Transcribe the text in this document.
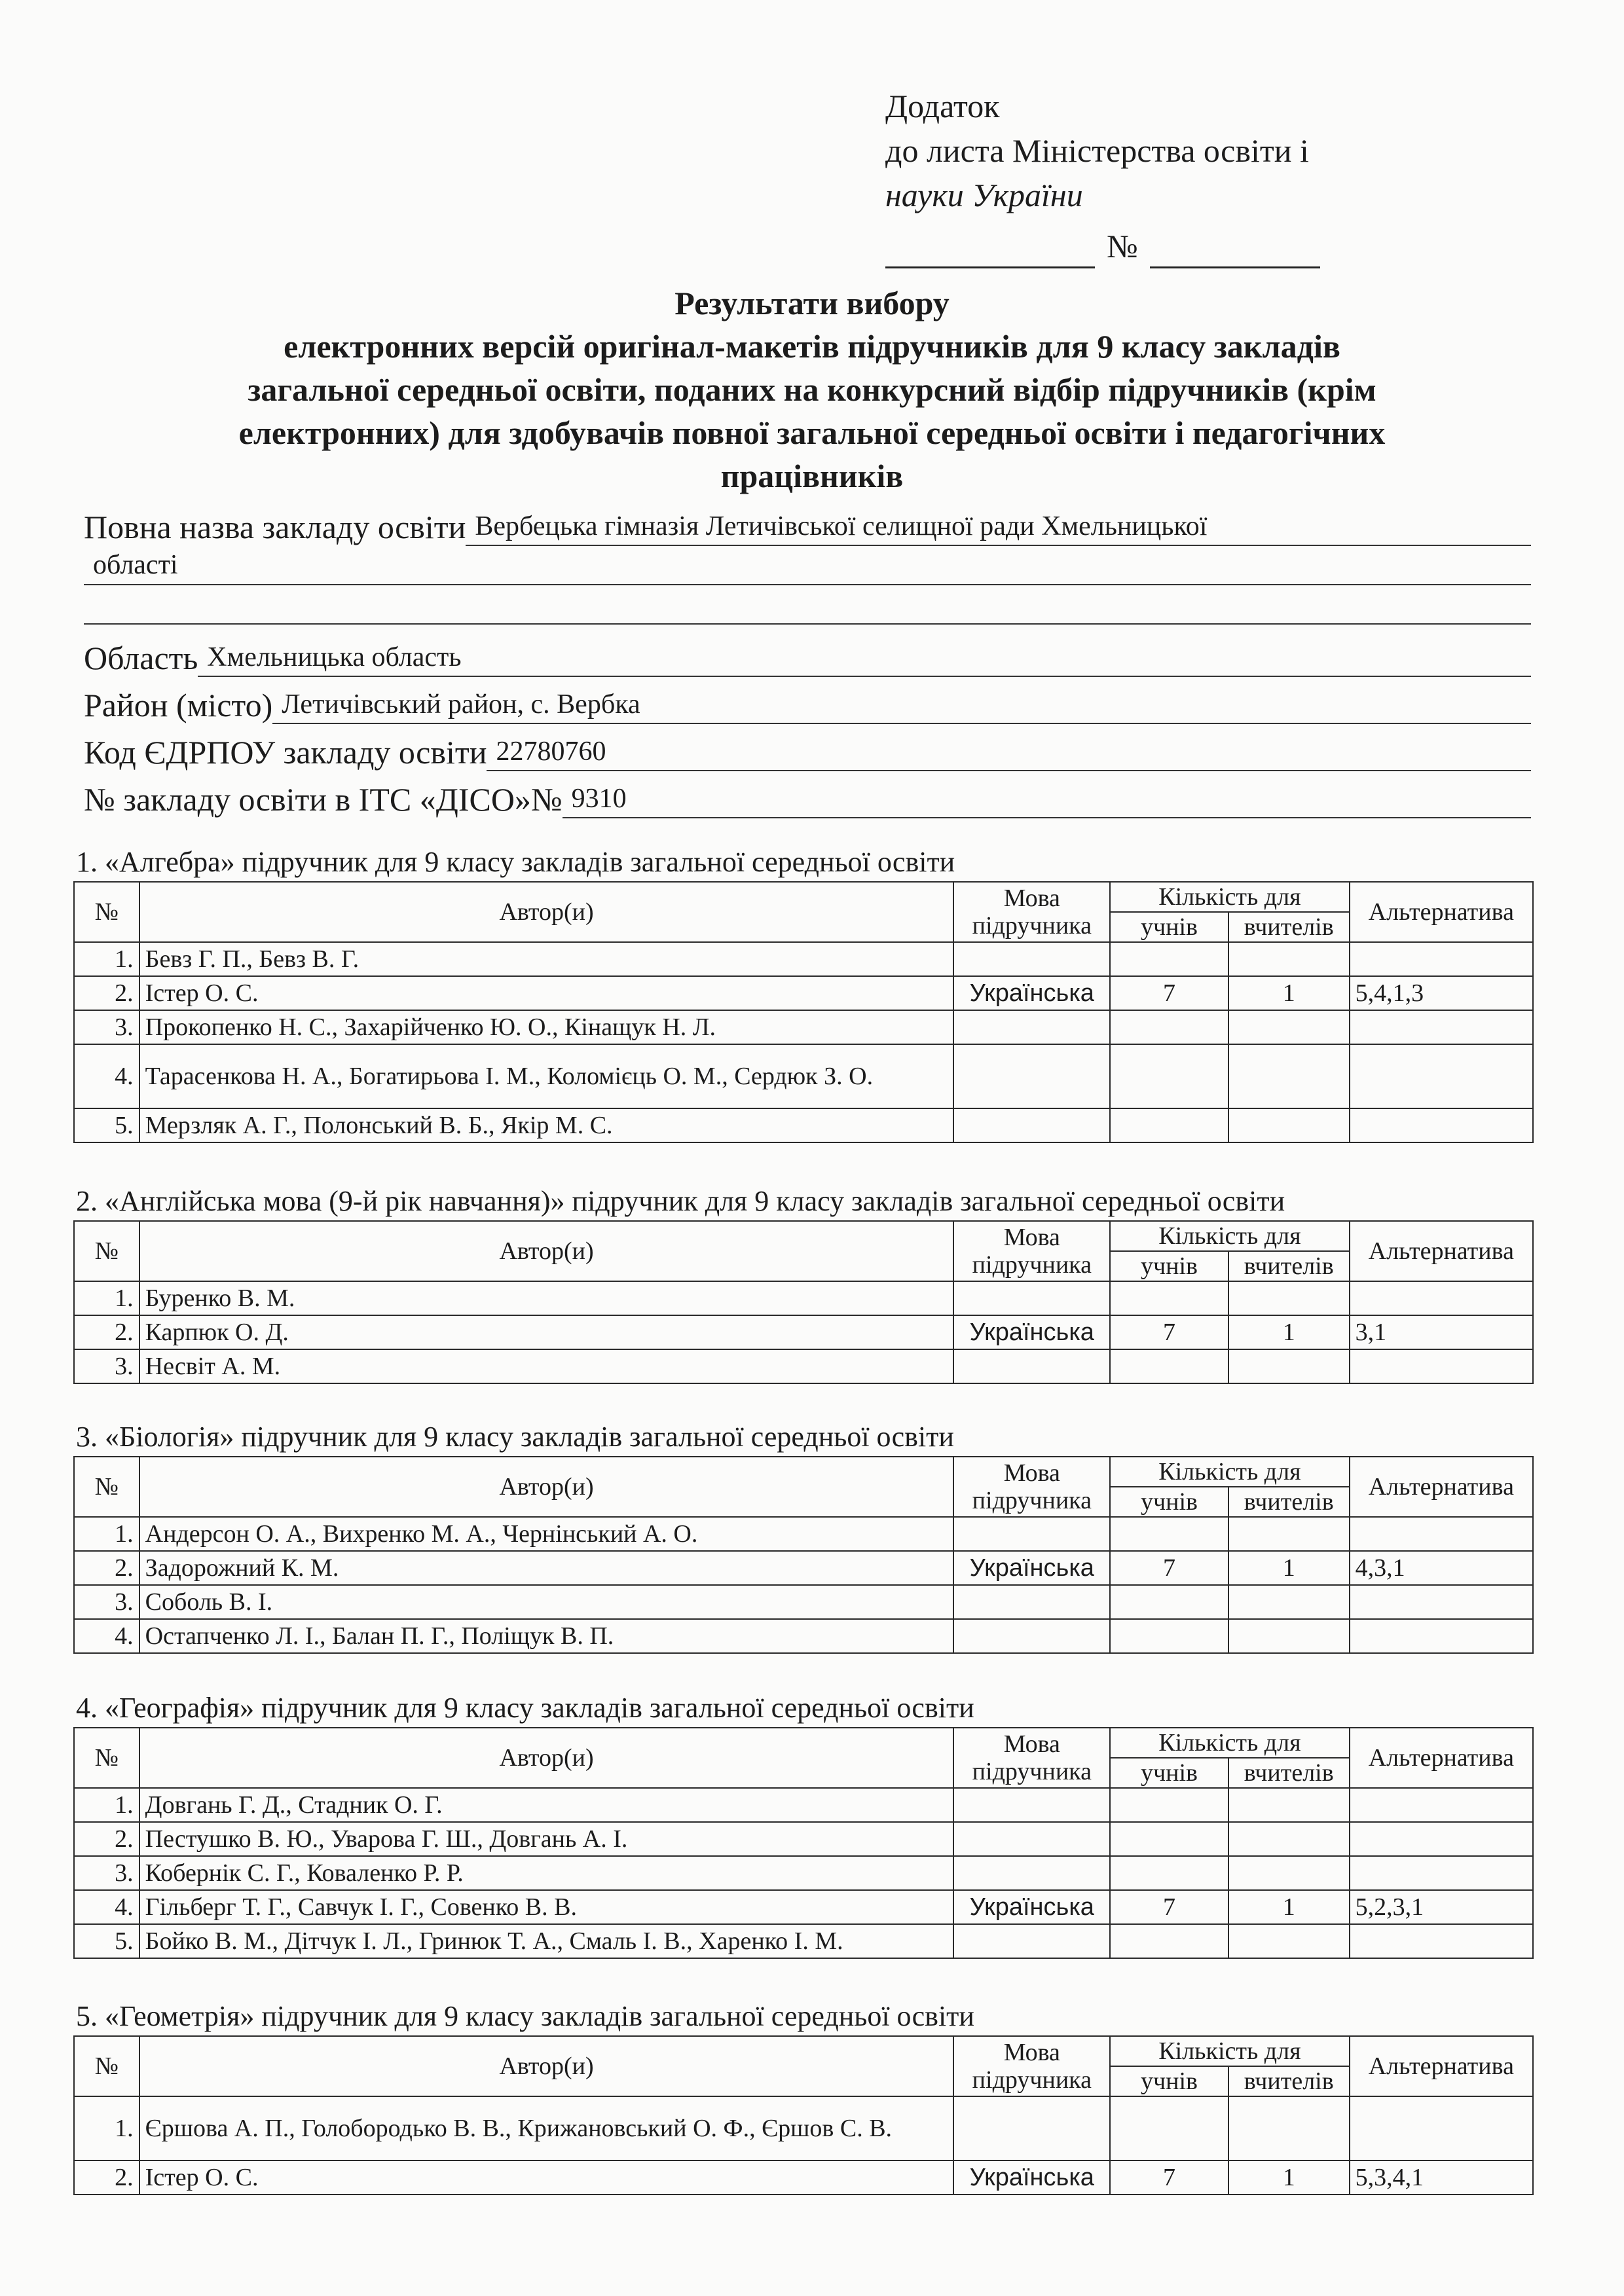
Додаток
до листа Міністерства освіти і
науки України
№
Результати вибору
електронних версій оригінал-макетів підручників для 9 класу закладів
загальної середньої освіти, поданих на конкурсний відбір підручників (крім
електронних) для здобувачів повної загальної середньої освіти і педагогічних
працівників
Повна назва закладу освіти Вербецька гімназія Летичівської селищної ради Хмельницької
області
Область Хмельницька область
Район (місто) Летичівський район, с. Вербка
Код ЄДРПОУ закладу освіти 22780760
№ закладу освіти в ІТС «ДІСО»№ 9310
1. «Алгебра» підручник для 9 класу закладів загальної середньої освіти
№	Автор(и)	Мова підручника	Кількість для		Альтернатива
			учнів	вчителів	
1.	Бевз Г. П., Бевз В. Г.				
2.	Істер О. С.	Українська	7	1	5,4,1,3
3.	Прокопенко Н. С., Захарійченко Ю. О., Кінащук Н. Л.				
4.	Тарасенкова Н. А., Богатирьова І. М., Коломієць О. М., Сердюк З. О.				
5.	Мерзляк А. Г., Полонський В. Б., Якір М. С.				
2. «Англійська мова (9-й рік навчання)» підручник для 9 класу закладів загальної середньої освіти
№	Автор(и)	Мова підручника	Кількість для		Альтернатива
			учнів	вчителів	
1.	Буренко В. М.				
2.	Карпюк О. Д.	Українська	7	1	3,1
3.	Несвіт А. М.				
3. «Біологія» підручник для 9 класу закладів загальної середньої освіти
№	Автор(и)	Мова підручника	Кількість для		Альтернатива
			учнів	вчителів	
1.	Андерсон О. А., Вихренко М. А., Чернінський А. О.				
2.	Задорожний К. М.	Українська	7	1	4,3,1
3.	Соболь В. І.				
4.	Остапченко Л. І., Балан П. Г., Поліщук В. П.				
4. «Географія» підручник для 9 класу закладів загальної середньої освіти
№	Автор(и)	Мова підручника	Кількість для		Альтернатива
			учнів	вчителів	
1.	Довгань Г. Д., Стадник О. Г.				
2.	Пестушко В. Ю., Уварова Г. Ш., Довгань А. І.				
3.	Кобернік С. Г., Коваленко Р. Р.				
4.	Гільберг Т. Г., Савчук І. Г., Совенко В. В.	Українська	7	1	5,2,3,1
5.	Бойко В. М., Дітчук І. Л., Гринюк Т. А., Смаль І. В., Харенко І. М.				
5. «Геометрія» підручник для 9 класу закладів загальної середньої освіти
№	Автор(и)	Мова підручника	Кількість для		Альтернатива
			учнів	вчителів	
1.	Єршова А. П., Голобородько В. В., Крижановський О. Ф., Єршов С. В.				
2.	Істер О. С.	Українська	7	1	5,3,4,1
